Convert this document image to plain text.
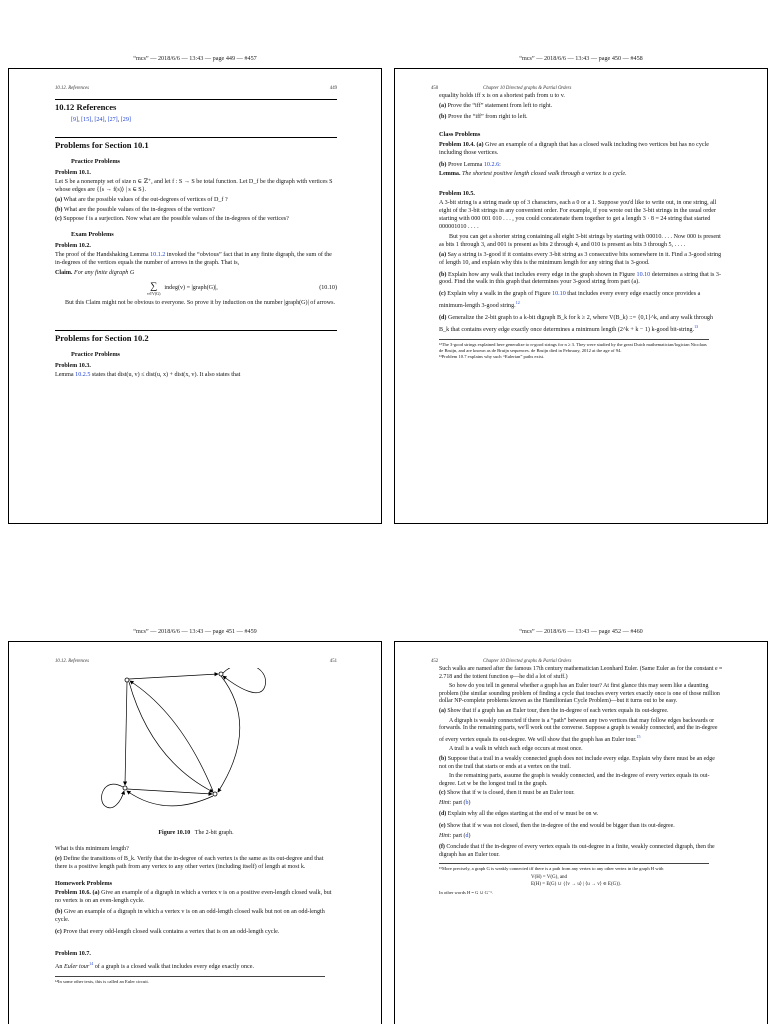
“mcs” — 2018/6/6 — 13:43 — page 449 — #457
10.12. References	449
10.12 References
[9], [15], [24], [27], [29]
Problems for Section 10.1
Practice Problems
Problem 10.1.
Let S be a nonempty set of size n ∈ ℤ⁺, and let f : S → S be total function. Let D_f be the digraph with vertices S whose edges are {⟨s → f(s)⟩ | s ∈ S}.
(a) What are the possible values of the out-degrees of vertices of D_f ?
(b) What are the possible values of the in-degrees of the vertices?
(c) Suppose f is a surjection. Now what are the possible values of the in-degrees of the vertices?
Exam Problems
Problem 10.2.
The proof of the Handshaking Lemma 10.1.2 invoked the “obvious” fact that in any finite digraph, the sum of the in-degrees of the vertices equals the number of arrows in the graph. That is,
Claim. For any finite digraph G
∑
v∈V(G)
indeg(v) = |graph(G)|,	(10.10)
But this Claim might not be obvious to everyone. So prove it by induction on the number |graph(G)| of arrows.
Problems for Section 10.2
Practice Problems
Problem 10.3.
Lemma 10.2.5 states that dist(u, v) ≤ dist(u, x) + dist(x, v). It also states that
“mcs” — 2018/6/6 — 13:43 — page 450 — #458
450	Chapter 10 Directed graphs & Partial Orders
equality holds iff x is on a shortest path from u to v.
(a) Prove the “iff” statement from left to right.
(b) Prove the “iff” from right to left.
Class Problems
Problem 10.4. (a) Give an example of a digraph that has a closed walk including two vertices but has no cycle including those vertices.
(b) Prove Lemma 10.2.6:
Lemma. The shortest positive length closed walk through a vertex is a cycle.
Problem 10.5.
A 3-bit string is a string made up of 3 characters, each a 0 or a 1. Suppose you'd like to write out, in one string, all eight of the 3-bit strings in any convenient order. For example, if you wrote out the 3-bit strings in the usual order starting with 000 001 010 . . . , you could concatenate them together to get a length 3 · 8 = 24 string that started 000001010 . . . .
But you can get a shorter string containing all eight 3-bit strings by starting with 00010. . . . Now 000 is present as bits 1 through 3, and 001 is present as bits 2 through 4, and 010 is present as bits 3 through 5, . . . .
(a) Say a string is 3-good if it contains every 3-bit string as 3 consecutive bits somewhere in it. Find a 3-good string of length 10, and explain why this is the minimum length for any string that is 3-good.
(b) Explain how any walk that includes every edge in the graph shown in Figure 10.10 determines a string that is 3-good. Find the walk in this graph that determines your 3-good string from part (a).
(c) Explain why a walk in the graph of Figure 10.10 that includes every every edge exactly once provides a minimum-length 3-good string.$^{12}$
(d) Generalize the 2-bit graph to a k-bit digraph B_k for k ≥ 2, where V(B_k) ::= {0,1}^k, and any walk through B_k that contains every edge exactly once determines a minimum length (2^k + k − 1) k-good bit-string.$^{13}$
¹²The 3-good strings explained here generalize to n-good strings for n ≥ 3. They were studied by the great Dutch mathematician/logician Nicolaas de Bruijn, and are known as de Bruijn sequences. de Bruijn died in February, 2012 at the age of 94.
¹³Problem 10.7 explains why such “Eulerian” paths exist.
“mcs” — 2018/6/6 — 13:43 — page 451 — #459
10.12. References	451
Figure 10.10 The 2-bit graph.
What is this minimum length?
(e) Define the transitions of B_k. Verify that the in-degree of each vertex is the same as its out-degree and that there is a positive length path from any vertex to any other vertex (including itself) of length at most k.
Homework Problems
Problem 10.6. (a) Give an example of a digraph in which a vertex v is on a positive even-length closed walk, but no vertex is on an even-length cycle.
(b) Give an example of a digraph in which a vertex v is on an odd-length closed walk but not on an odd-length cycle.
(c) Prove that every odd-length closed walk contains a vertex that is on an odd-length cycle.
Problem 10.7.
An Euler tour$^{14}$ of a graph is a closed walk that includes every edge exactly once.
¹⁴In some other texts, this is called an Euler circuit.
“mcs” — 2018/6/6 — 13:43 — page 452 — #460
452	Chapter 10 Directed graphs & Partial Orders
Such walks are named after the famous 17th century mathematician Leonhard Euler. (Same Euler as for the constant e ≈ 2.718 and the totient function φ—he did a lot of stuff.)
So how do you tell in general whether a graph has an Euler tour? At first glance this may seem like a daunting problem (the similar sounding problem of finding a cycle that touches every vertex exactly once is one of those million dollar NP-complete problems known as the Hamiltonian Cycle Problem)—but it turns out to be easy.
(a) Show that if a graph has an Euler tour, then the in-degree of each vertex equals its out-degree.
A digraph is weakly connected if there is a “path” between any two vertices that may follow edges backwards or forwards. In the remaining parts, we'll work out the converse. Suppose a graph is weakly connected, and the in-degree of every vertex equals its out-degree. We will show that the graph has an Euler tour.$^{15}$
A trail is a walk in which each edge occurs at most once.
(b) Suppose that a trail in a weakly connected graph does not include every edge. Explain why there must be an edge not on the trail that starts or ends at a vertex on the trail.
In the remaining parts, assume the graph is weakly connected, and the in-degree of every vertex equals its out-degree. Let w be the longest trail in the graph.
(c) Show that if w is closed, then it must be an Euler tour.
Hint: part (b)
(d) Explain why all the edges starting at the end of w must be on w.
(e) Show that if w was not closed, then the in-degree of the end would be bigger than its out-degree.
Hint: part (d)
(f) Conclude that if the in-degree of every vertex equals its out-degree in a finite, weakly connected digraph, then the digraph has an Euler tour.
¹⁵More precisely, a graph G is weakly connected iff there is a path from any vertex to any other vertex in the graph H with
V(H) = V(G), and
E(H) = E(G) ∪ {⟨v → u⟩ | ⟨u → v⟩ ∈ E(G)}.
In other words H = G ∪ G⁻¹.
